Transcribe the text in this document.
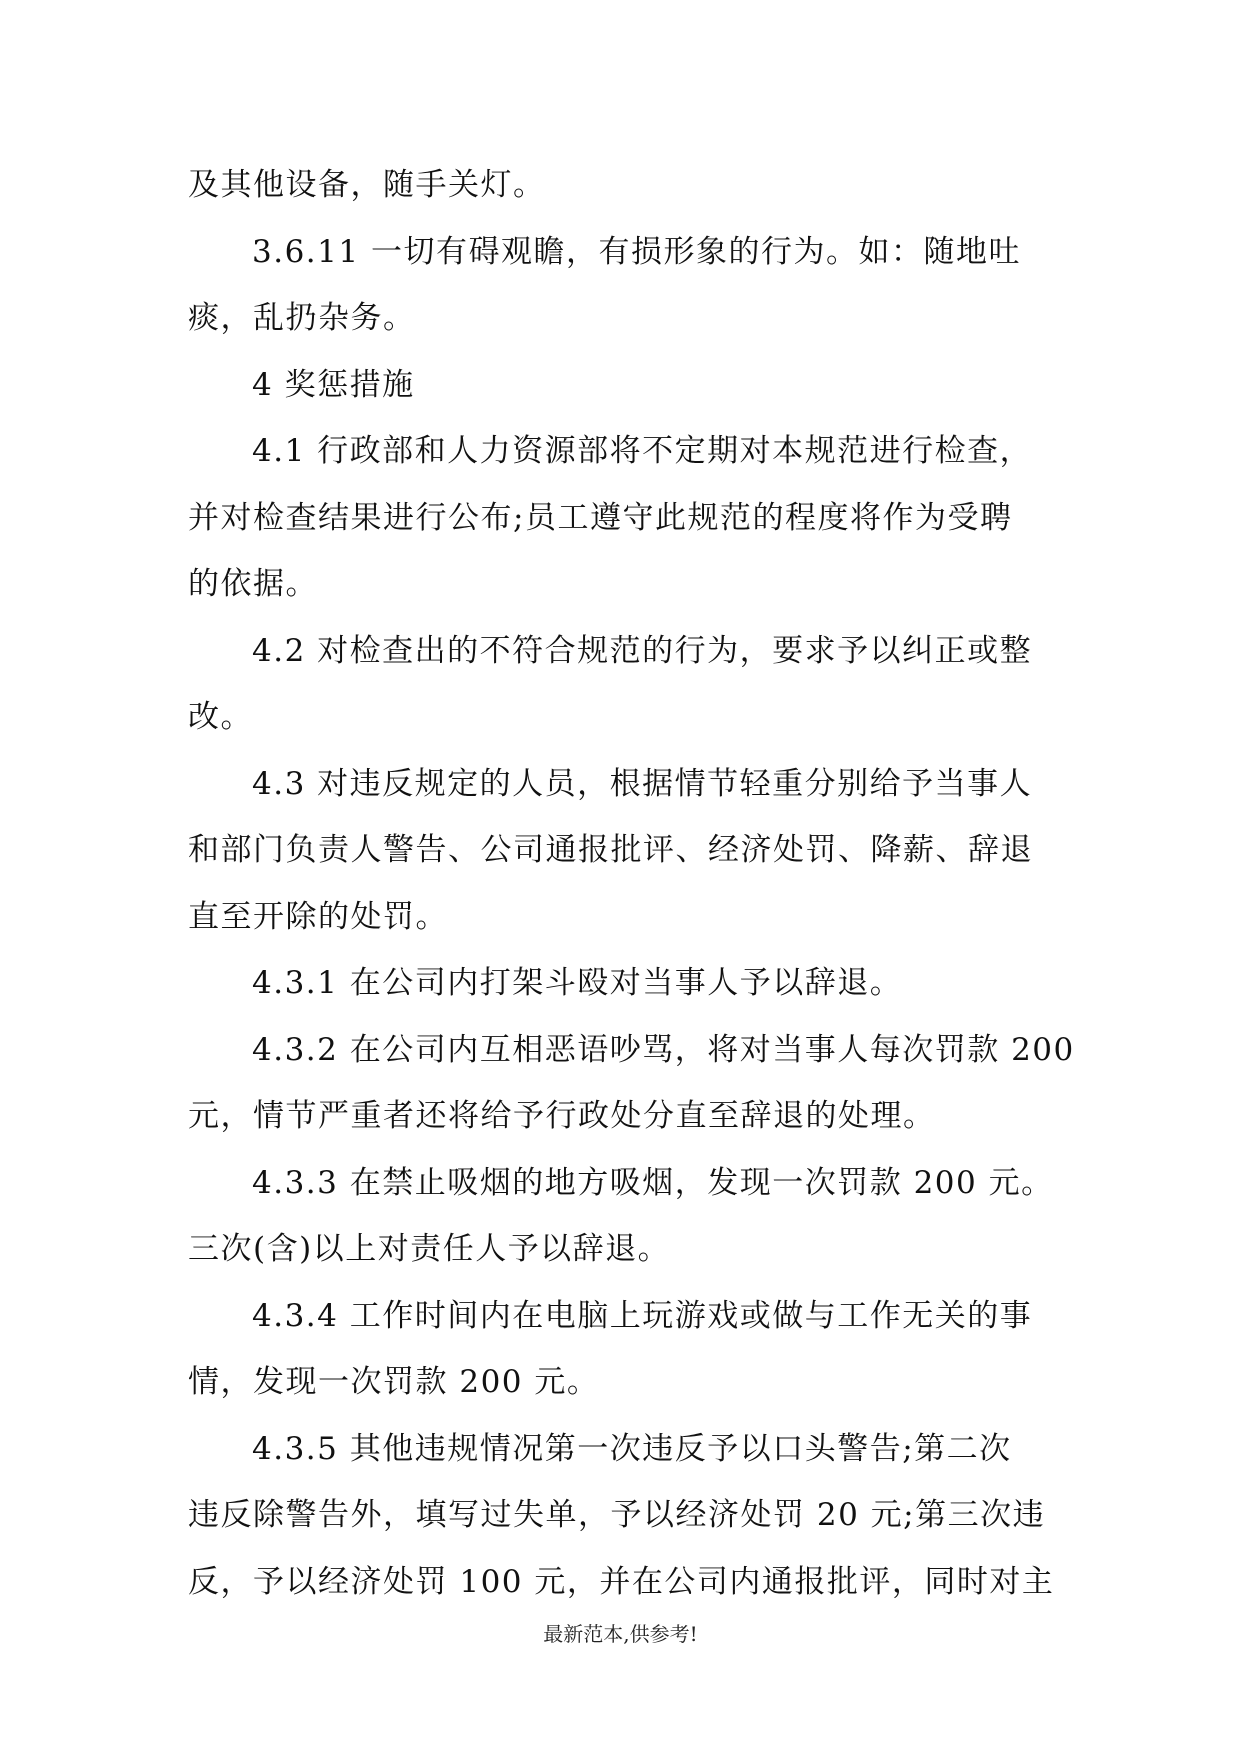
及其他设备，随手关灯。
3.6.11 一切有碍观瞻，有损形象的行为。如：随地吐
痰，乱扔杂务。
4 奖惩措施
4.1 行政部和人力资源部将不定期对本规范进行检查，
并对检查结果进行公布;员工遵守此规范的程度将作为受聘
的依据。
4.2 对检查出的不符合规范的行为，要求予以纠正或整
改。
4.3 对违反规定的人员，根据情节轻重分别给予当事人
和部门负责人警告、公司通报批评、经济处罚、降薪、辞退
直至开除的处罚。
4.3.1 在公司内打架斗殴对当事人予以辞退。
4.3.2 在公司内互相恶语吵骂，将对当事人每次罚款 200
元，情节严重者还将给予行政处分直至辞退的处理。
4.3.3 在禁止吸烟的地方吸烟，发现一次罚款 200 元。
三次(含)以上对责任人予以辞退。
4.3.4 工作时间内在电脑上玩游戏或做与工作无关的事
情，发现一次罚款 200 元。
4.3.5 其他违规情况第一次违反予以口头警告;第二次
违反除警告外，填写过失单，予以经济处罚 20 元;第三次违
反，予以经济处罚 100 元，并在公司内通报批评，同时对主
最新范本,供参考!
